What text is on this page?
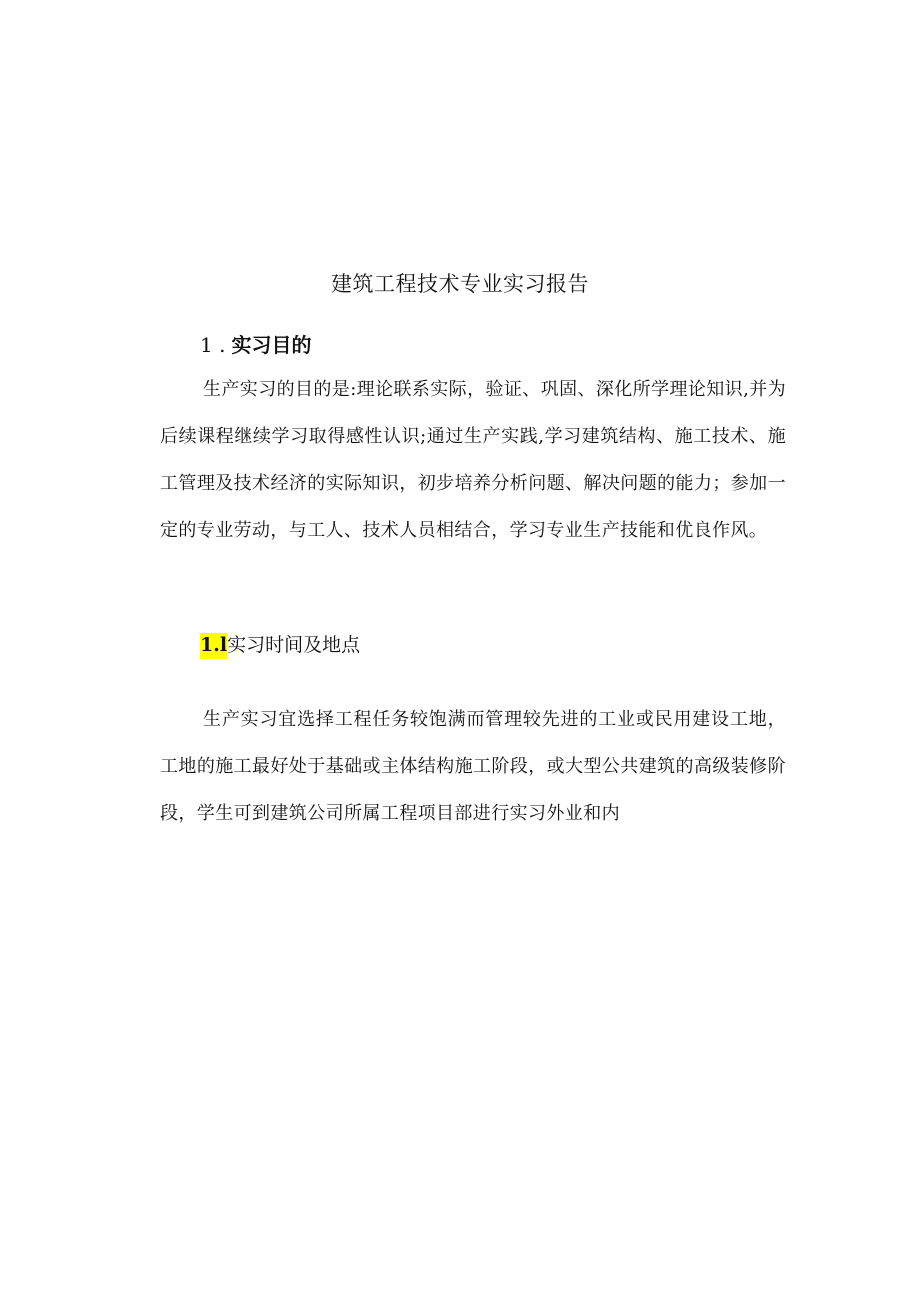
建筑工程技术专业实习报告
1 . 实习目的
生产实习的目的是:理论联系实际，验证、巩固、深化所学理论知识,并为后续课程继续学习取得感性认识;通过生产实践,学习建筑结构、施工技术、施工管理及技术经济的实际知识，初步培养分析问题、解决问题的能力；参加一定的专业劳动，与工人、技术人员相结合，学习专业生产技能和优良作风。
1.l实习时间及地点
生产实习宜选择工程任务较饱满而管理较先进的工业或民用建设工地，工地的施工最好处于基础或主体结构施工阶段，或大型公共建筑的高级装修阶段，学生可到建筑公司所属工程项目部进行实习外业和内
